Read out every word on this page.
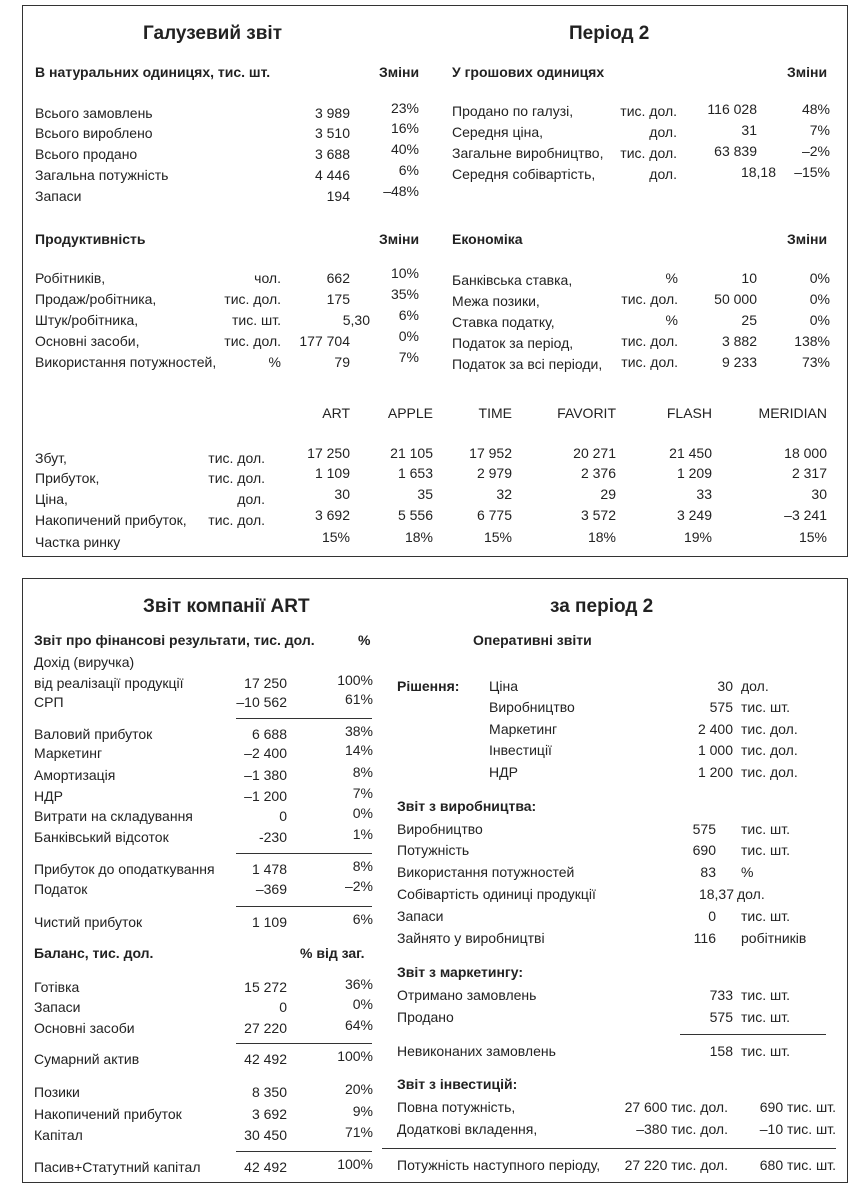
Галузевий звіт	Період 2
В натуральних одиницях, тис. шт.	Зміни
Всього замовлень	3 989	23%
Всього вироблено	3 510	16%
Всього продано	3 688	40%
Загальна потужність	4 446	6%
Запаси	194 –48%
У грошових одиницях	Зміни
Продано по галузі,	тис. дол. 116 028	48%
Середня ціна,	дол.	31	7%
Загальне виробництво, тис. дол.	63 839	–2%
Середня собівартість,	дол.	18,18 –15%
Продуктивність	Зміни
Робітників,	чол.	662	10%
Продаж/робітника,	тис. дол.	175	35%
Штук/робітника,	тис. шт.	5,30 6%
Основні засоби,	тис. дол. 177 704	0%
Використання потужностей,	%	79	7%
Економіка	Зміни
Банківська ставка,	%	10	0%
Межа позики,	тис. дол.	50 000	0%
Ставка податку,	%	25	0%
Податок за період,	тис. дол.	3 882	138%
Податок за всі періоди, тис. дол.	9 233	73%
ART	APPLE	TIME	FAVORIT	FLASH	MERIDIAN
Збут,	тис. дол.	17 250	21 105	17 952	20 271	21 450	18 000
Прибуток,	тис. дол.	1 109	1 653	2 979	2 376	1 209	2 317
Ціна,	дол.	30	35	32	29	33	30
Накопичений прибуток, тис. дол.	3 692	5 556	6 775	3 572	3 249	–3 241
Частка ринку	15%	18%	15%	18%	19%	15%
Звіт компанії ART	за період 2
Звіт про фінансові результати, тис. дол.	%
Дохід (виручка)
від реалізації продукції	17 250	100%
СРП	–10 562	61%
Валовий прибуток	6 688	38%
Маркетинг	–2 400	14%
Амортизація	–1 380	8%
НДР	–1 200	7%
Витрати на складування	0	0%
Банківський відсоток	-230	1%
Прибуток до оподаткування	1 478	8%
Податок	–369	–2%
Чистий прибуток	1 109	6%
Баланс, тис. дол.	% від заг.
Готівка	15 272	36%
Запаси	0	0%
Основні засоби	27 220	64%
Сумарний актив	42 492	100%
Позики	8 350	20%
Накопичений прибуток	3 692	9%
Капітал	30 450	71%
Пасив+Статутний капітал	42 492	100%
Оперативні звіти
Рішення: Ціна	30 дол.
Виробництво	575 тис. шт.
Маркетинг	2 400 тис. дол.
Інвестиції	1 000 тис. дол.
НДР	1 200 тис. дол.
Звіт з виробництва:
Виробництво	575 тис. шт.
Потужність	690 тис. шт.
Використання потужностей	83 %
Собівартість одиниці продукції	18,37 дол.
Запаси	0 тис. шт.
Зайнято у виробництві	116 робітників
Звіт з маркетингу:
Отримано замовлень	733 тис. шт.
Продано	575 тис. шт.
Невиконаних замовлень	158 тис. шт.
Звіт з інвестицій:
Повна потужність,	27 600 тис. дол. 690 тис. шт.
Додаткові вкладення,	–380 тис. дол. –10 тис. шт.
Потужність наступного періоду, 27 220 тис. дол. 680 тис. шт.
